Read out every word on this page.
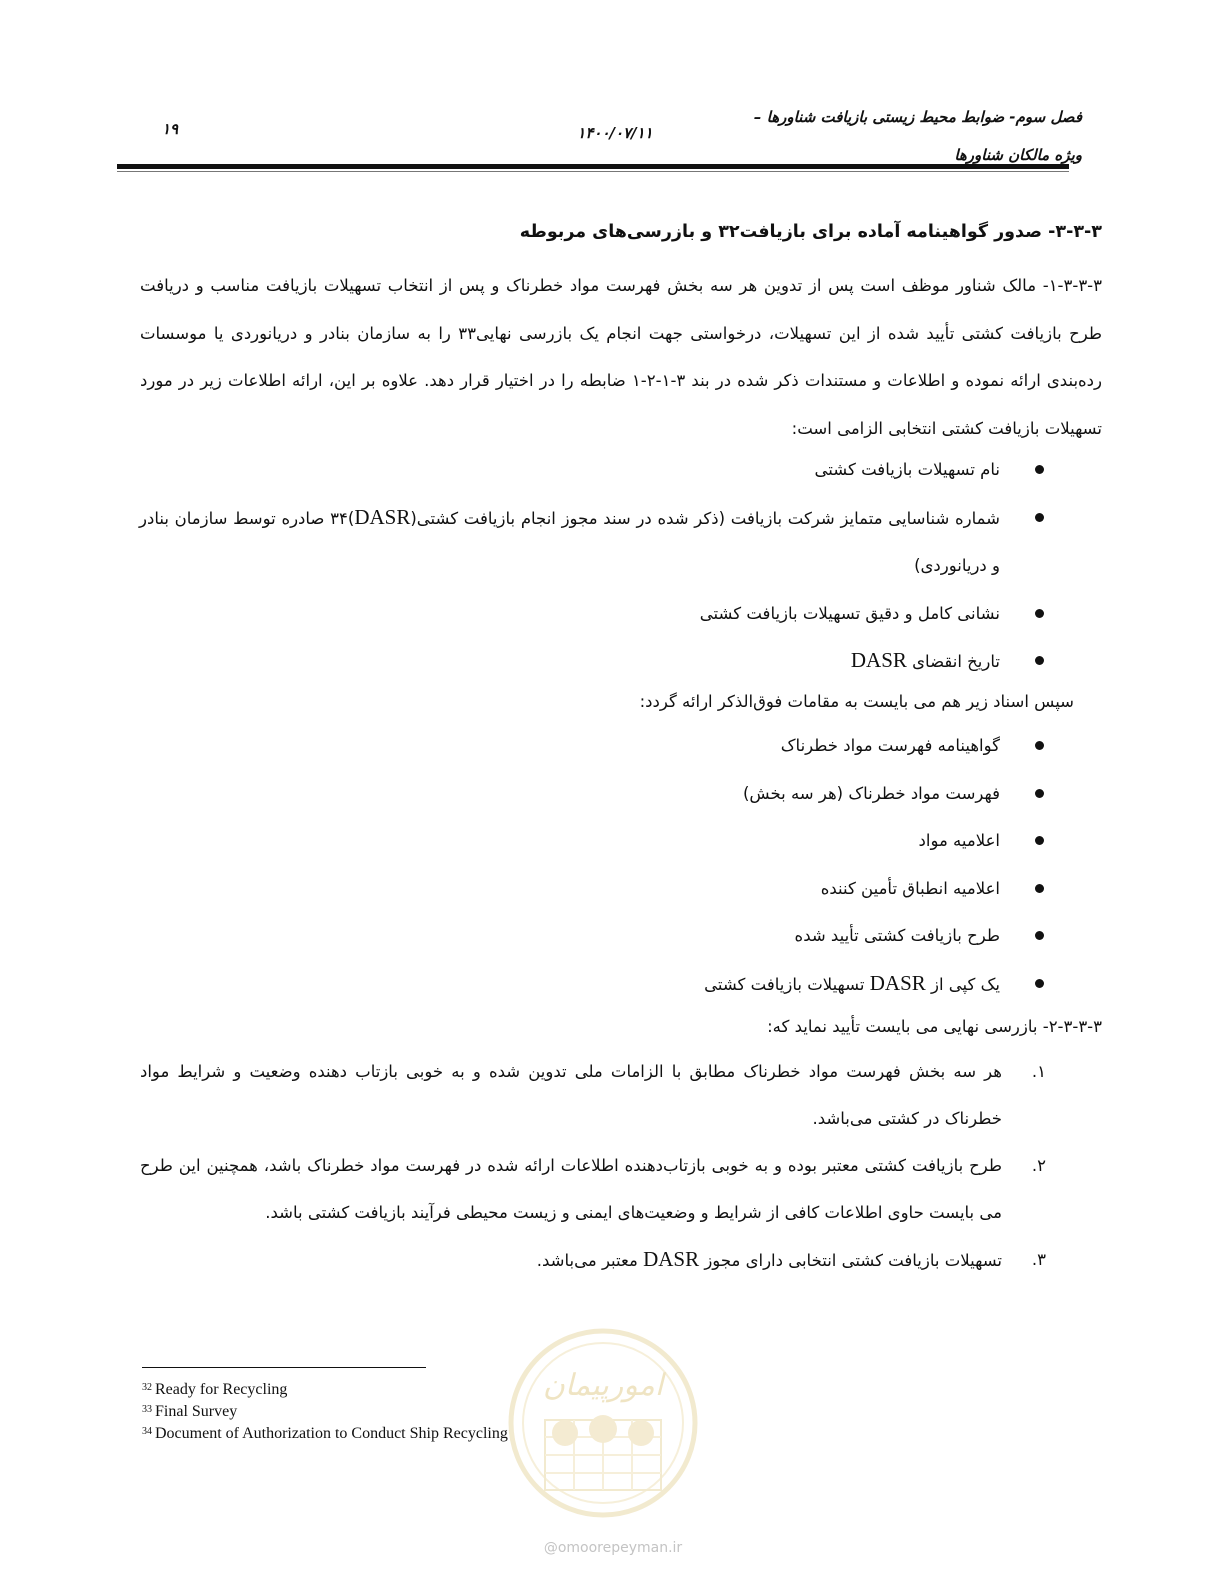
فصل سوم- ضوابط محیط زیستی بازیافت شناورها –
ویژه مالکان شناورها
۱۴۰۰/۰۷/۱۱
۱۹
۳-۳-۳- صدور گواهینامه آماده برای بازیافت۳۲ و بازرسی‌های مربوطه
۱-۳-۳-۳- مالک شناور موظف است پس از تدوین هر سه بخش فهرست مواد خطرناک و پس از انتخاب تسهیلات بازیافت مناسب و دریافت طرح بازیافت کشتی تأیید شده از این تسهیلات، درخواستی جهت انجام یک بازرسی نهایی۳۳ را به سازمان بنادر و دریانوردی یا موسسات رده‌بندی ارائه نموده و اطلاعات و مستندات ذکر شده در بند ۳-۱-۲-۱ ضابطه را در اختیار قرار دهد. علاوه بر این، ارائه اطلاعات زیر در مورد تسهیلات بازیافت کشتی انتخابی الزامی است:
نام تسهیلات بازیافت کشتی
شماره شناسایی متمایز شرکت بازیافت (ذکر شده در سند مجوز انجام بازیافت کشتی(DASR)۳۴ صادره توسط سازمان بنادر و دریانوردی)
نشانی کامل و دقیق تسهیلات بازیافت کشتی
تاریخ انقضای DASR
سپس اسناد زیر هم می بایست به مقامات فوق‌الذکر ارائه گردد:
گواهینامه فهرست مواد خطرناک
فهرست مواد خطرناک (هر سه بخش)
اعلامیه مواد
اعلامیه انطباق تأمین کننده
طرح بازیافت کشتی تأیید شده
یک کپی از DASR تسهیلات بازیافت کشتی
۲-۳-۳-۳- بازرسی نهایی می بایست تأیید نماید که:
۱.
هر سه بخش فهرست مواد خطرناک مطابق با الزامات ملی تدوین شده و به خوبی بازتاب دهنده وضعیت و شرایط مواد خطرناک در کشتی می‌باشد.
۲.
طرح بازیافت کشتی معتبر بوده و به خوبی بازتاب‌دهنده اطلاعات ارائه شده در فهرست مواد خطرناک باشد، همچنین این طرح می بایست حاوی اطلاعات کافی از شرایط و وضعیت‌های ایمنی و زیست محیطی فرآیند بازیافت کشتی باشد.
۳.
تسهیلات بازیافت کشتی انتخابی دارای مجوز DASR معتبر می‌باشد.
$^{32}$ Ready for Recycling
$^{33}$ Final Survey
$^{34}$ Document of Authorization to Conduct Ship Recycling
امورپیمان
@omoorepeyman.ir
